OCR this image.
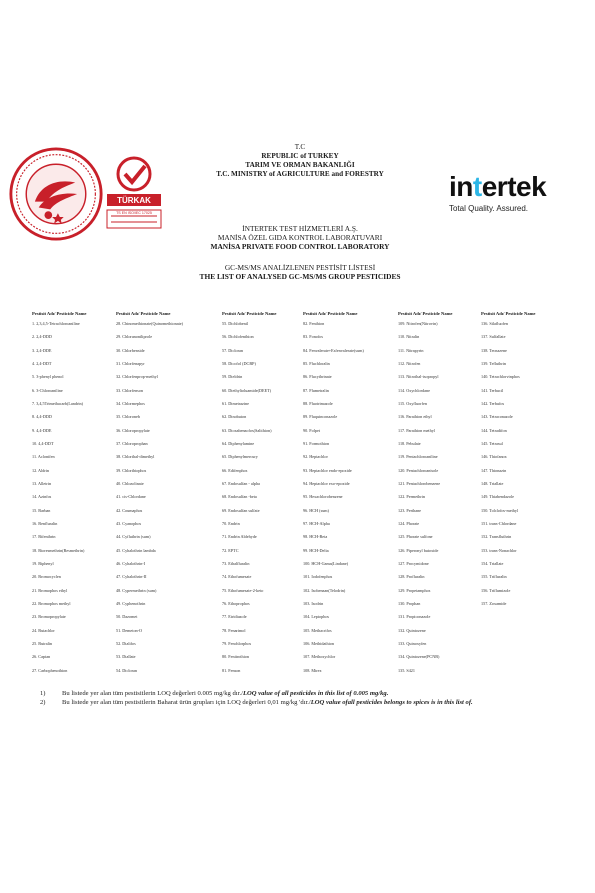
TÜRKAK
TS EN ISO/IEC 17025
T.C
REPUBLIC of TURKEY
TARIM VE ORMAN BAKANLIĞI
T.C. MINISTRY of AGRICULTURE and FORESTRY	intertek
Total Quality. Assured.
İNTERTEK TEST HİZMETLERİ A.Ş.
MANİSA ÖZEL GIDA KONTROL LABORATUVARI
MANİSA PRIVATE FOOD CONTROL LABORATORY
GC-MS/MS ANALİZLENEN PESTİSİT LİSTESİ
THE LIST OF ANALYSED GC-MS/MS GROUP PESTICIDES
Pestisit Adı/ Pesticide Name
1. 2,3,4,5-Tetrachloroaniline
2. 2,4-DDD
3. 2,4-DDE
4. 2,4-DDT
5. 3-phenyl phenol
6. 3-Chloroaniline
7. 3,4,5Trimethacarb(Landrin)
8. 4,4-DDD
9. 4,4-DDE
10. 4,4-DDT
11. Aclonifen
12. Aldrin
13. Alletrin
14. Azinfos
15. Barban
16. Benfluralin
17. Bifenthrin
18. Bioresmethrin(Resmethrin)
19. Biphenyl
20. Bromocyclen
21. Bromophos ethyl
22. Bromophos methyl
23. Bromopropylate
24. Butachlor
25. Butralin
26. Captan
27. Carbophenothion
Pestisit Adı/ Pesticide Name
28. Chinomethionate(Quinomethionate)
29. Chloranoniliprole
30. Chlorbenside
31. Chlorfenapyr
32. Chlorfenprop-methyl
33. Chlorfenson
34. Chlormephos
35. Chloroneb
36. Chloropropylate
37. Chloroprophan
38. Chlorthal-dimethyl
39. Chlorthiophos
40. Chlozolinate
41. cis-Chlordane
42. Coumaphos
43. Cyanophos
44. Cyfluthrin (sum)
45. Cyhalothrin lambda
46. Cyhalothrin-I
47. Cyhalothrin-II
48. Cypermethrin (sum)
49. Cyphenothrin
50. Dazomet
51. Demeton-O
52. Dialifos
53. Diallate
54. Dicloran
Pestisit Adı/ Pesticide Name
55. Dichlobenil
56. Dichlofenthion
57. Dicloran
58. Dicofol (DCBP)
59. Dieldrin
60. Diethyltoluamide(DEET)
61. Dimetrazine
62. Dinobuton
63. Dioxabenzofos(Salithion)
64. Diphenylamine
65. Diphenylmercury
66. Edifenphos
67. Endosulfan - alpha
68. Endosulfan -beta
69. Endosulfan sulfate
70. Endrin
71. Endrin Aldehyde
72. EPTC
73. Ethalfluralin
74. Ethofumesate
75. Ethofumesate-2-keto
76. Ethoprophos
77. Etridiazole
78. Fenarimol
79. Fenchlorphos
80. Fenitrothion
81. Fenson
Pestisit Adı/ Pesticide Name
82. Fenthion
83. Fonofos
84. Fenvalerate+Esfenvalerate(sum)
85. Fluchloralin
86. Flucythrinate
87. Flumetralin
88. Fluotrimazole
89. Fluquinconazole
90. Folpet
91. Formothion
92. Heptachlor
93. Heptachlor endo-epoxide
94. Heptachlor exo-epoxide
95. Hexachlorobenzene
96. HCH (sum)
97. HCH-Alpha
98. HCH-Beta
99. HCH-Delta
100. HCH-Gama(Lindane)
101. Iodofenphos
102. Isobenzan(Telodrin)
103. Isodrin
104. Leptophos
105. Methacrifos
106. Methidathion
107. Methoxychlor
108. Mirex
Pestisit Adı/ Pesticide Name
109. Nitrofen(Nitrovin)
110. Nitralin
111. Nitrapyrin
112. Nitrofen
113. Nitrothal-isopropyl
114. Oxychlordane
115. Oxyfluorfen
116. Parathion ethyl
117. Parathion methyl
118. Pebulate
119. Pentachloroaniline
120. Pentachloroanisole
121. Pentachlorobenzene
122. Permethrin
123. Perthane
124. Phorate
125. Phorate sulfone
126. Piperonyl butoxide
127. Procymidone
128. Profluralin
129. Propetamphos
130. Prophan
131. Propiconazole
132. Quintozene
133. Quinoxyfen
134. Quintozene(PCNB)
135. S421
Pestisit Adı/ Pesticide Name
136. Silafluofen
137. Sulfallate
138. Tecnazene
139. Tefluthrin
140. Tetrachlorvinphos
141. Terbucil
142. Terbufos
143. Tetraconazole
144. Tetradifon
145. Tetrasul
146. Thiofanox
147. Thionazin
148. Triallate
149. Thiabendazole
150. Tolclofos-methyl
151. trans-Chlordane
152. Transfluthrin
153. trans-Nonachlor
154. Triallate
155. Trifluralin
156. Triflumizole
157. Zoxamide
1)	Bu listede yer alan tüm pestisitlerin LOQ değerleri 0.005 mg/kg dır./LOQ value of all pesticides in this list of 0.005 mg/kg.
2)	Bu listede yer alan tüm pestisitlerin Baharat ürün grupları için LOQ değerleri 0,01 mg/kg 'dır./LOQ value ofall pesticides belongs to spices is in this list of.
